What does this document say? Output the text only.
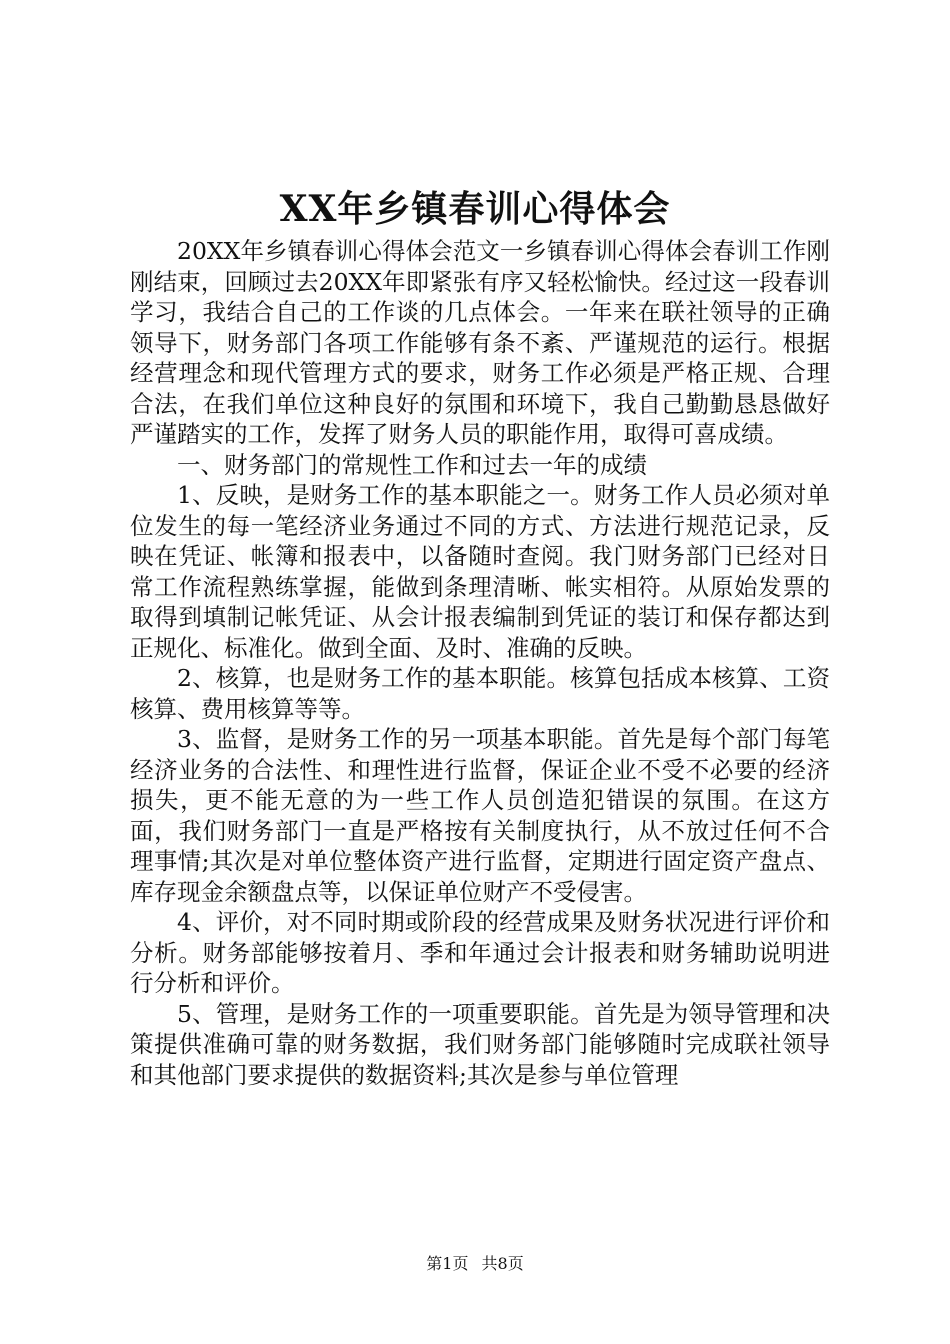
XX年乡镇春训心得体会

20XX年乡镇春训心得体会范文一乡镇春训心得体会春训工作刚刚结束，回顾过去20XX年即紧张有序又轻松愉快。经过这一段春训学习，我结合自己的工作谈的几点体会。一年来在联社领导的正确领导下，财务部门各项工作能够有条不紊、严谨规范的运行。根据经营理念和现代管理方式的要求，财务工作必须是严格正规、合理合法，在我们单位这种良好的氛围和环境下，我自己勤勤恳恳做好严谨踏实的工作，发挥了财务人员的职能作用，取得可喜成绩。

一、财务部门的常规性工作和过去一年的成绩

1、反映，是财务工作的基本职能之一。财务工作人员必须对单位发生的每一笔经济业务通过不同的方式、方法进行规范记录，反映在凭证、帐簿和报表中，以备随时查阅。我门财务部门已经对日常工作流程熟练掌握，能做到条理清晰、帐实相符。从原始发票的取得到填制记帐凭证、从会计报表编制到凭证的装订和保存都达到正规化、标准化。做到全面、及时、准确的反映。

2、核算，也是财务工作的基本职能。核算包括成本核算、工资核算、费用核算等等。

3、监督，是财务工作的另一项基本职能。首先是每个部门每笔经济业务的合法性、和理性进行监督，保证企业不受不必要的经济损失，更不能无意的为一些工作人员创造犯错误的氛围。在这方面，我们财务部门一直是严格按有关制度执行，从不放过任何不合理事情;其次是对单位整体资产进行监督，定期进行固定资产盘点、库存现金余额盘点等，以保证单位财产不受侵害。

4、评价，对不同时期或阶段的经营成果及财务状况进行评价和分析。财务部能够按着月、季和年通过会计报表和财务辅助说明进行分析和评价。

5、管理，是财务工作的一项重要职能。首先是为领导管理和决策提供准确可靠的财务数据，我们财务部门能够随时完成联社领导和其他部门要求提供的数据资料;其次是参与单位管理

第1页 共8页
